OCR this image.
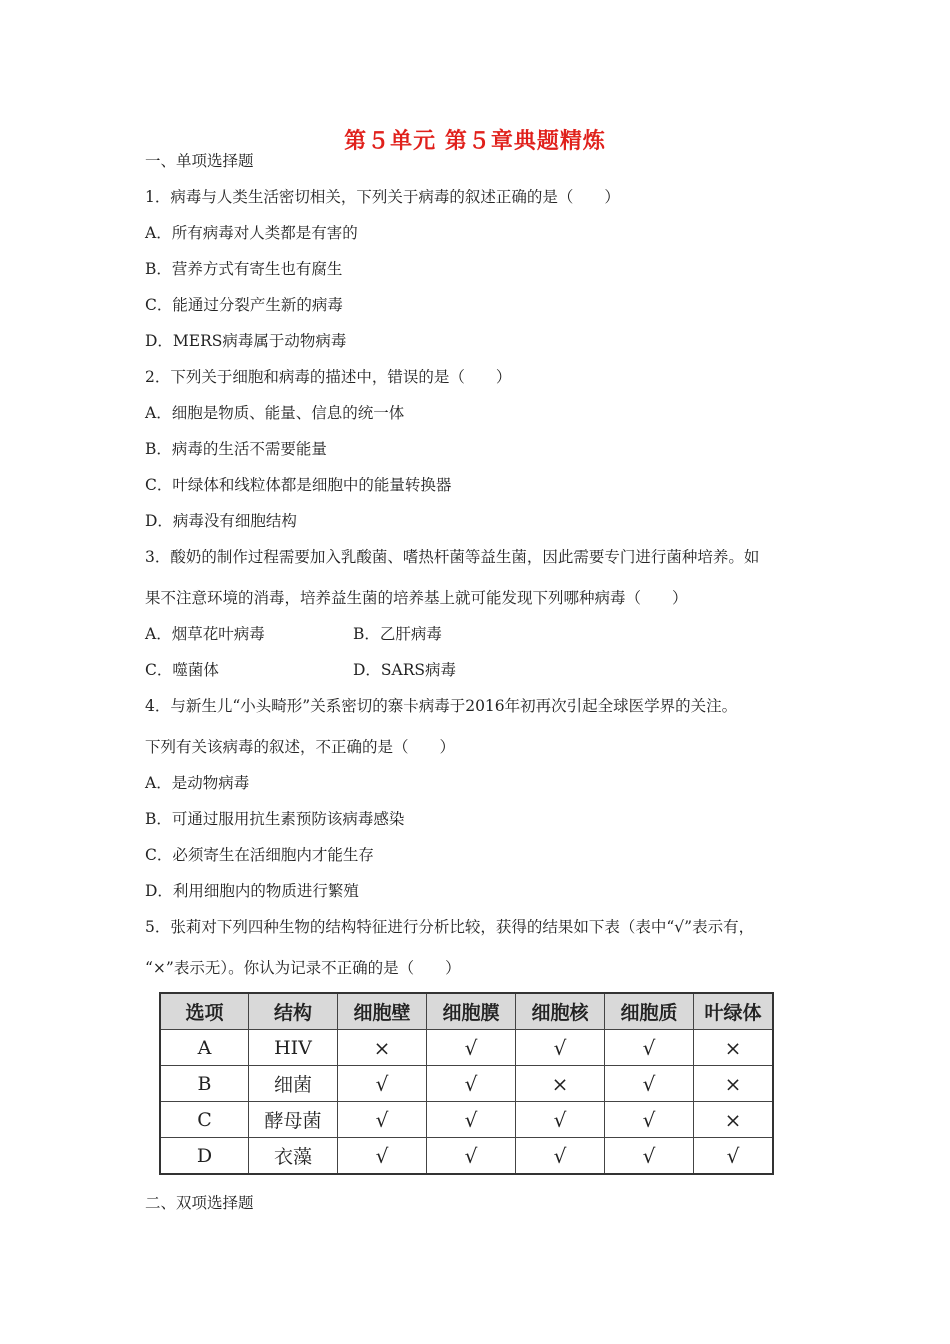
第５单元 第５章典题精炼
一、单项选择题
1．病毒与人类生活密切相关，下列关于病毒的叙述正确的是（　　）
A．所有病毒对人类都是有害的
B．营养方式有寄生也有腐生
C．能通过分裂产生新的病毒
D．MERS病毒属于动物病毒
2．下列关于细胞和病毒的描述中，错误的是（　　）
A．细胞是物质、能量、信息的统一体
B．病毒的生活不需要能量
C．叶绿体和线粒体都是细胞中的能量转换器
D．病毒没有细胞结构
3．酸奶的制作过程需要加入乳酸菌、嗜热杆菌等益生菌，因此需要专门进行菌种培养。如
果不注意环境的消毒，培养益生菌的培养基上就可能发现下列哪种病毒（　　）
A．烟草花叶病毒	B．乙肝病毒
C．噬菌体	D．SARS病毒
4．与新生儿“小头畸形”关系密切的寨卡病毒于2016年初再次引起全球医学界的关注。
下列有关该病毒的叙述，不正确的是（　　）
A．是动物病毒
B．可通过服用抗生素预防该病毒感染
C．必须寄生在活细胞内才能生存
D．利用细胞内的物质进行繁殖
5．张莉对下列四种生物的结构特征进行分析比较，获得的结果如下表（表中“√”表示有，
“×”表示无）。你认为记录不正确的是（　　）
选项	结构	细胞壁	细胞膜	细胞核	细胞质	叶绿体
A	HIV	×	√	√	√	×
B	细菌	√	√	×	√	×
C	酵母菌	√	√	√	√	×
D	衣藻	√	√	√	√	√
二、双项选择题
